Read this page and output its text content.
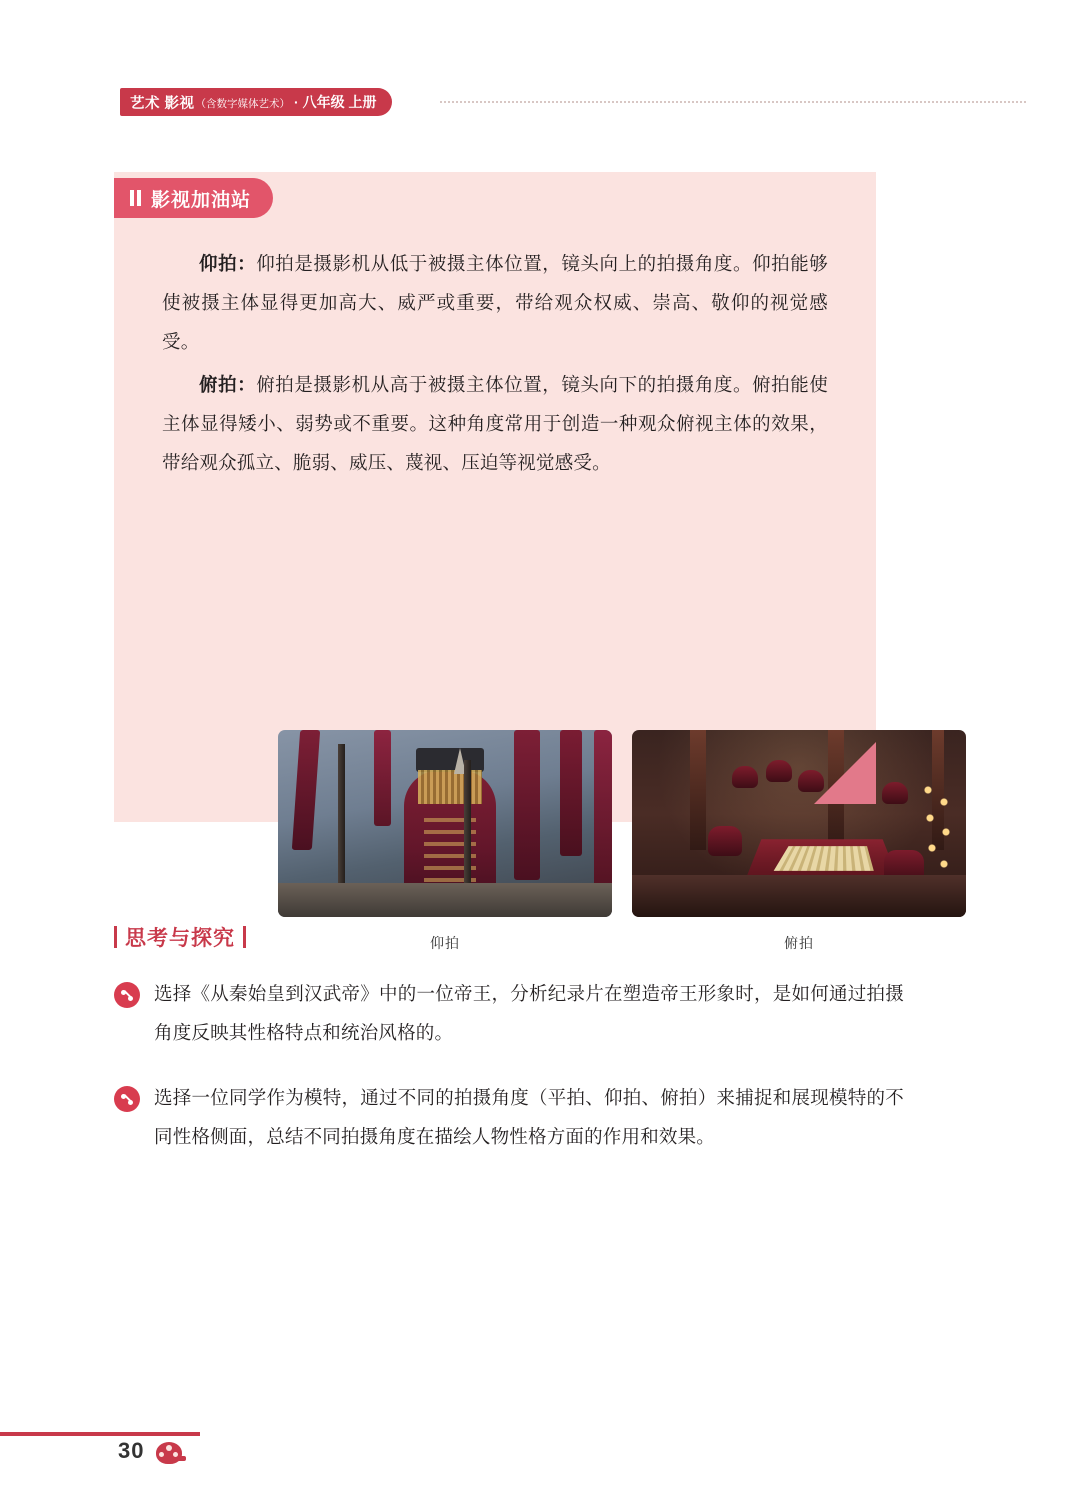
艺术 影视 （含数字媒体艺术） · 八年级 上册
影视加油站

仰拍：仰拍是摄影机从低于被摄主体位置，镜头向上的拍摄角度。仰拍能够使被摄主体显得更加高大、威严或重要，带给观众权威、崇高、敬仰的视觉感受。

俯拍：俯拍是摄影机从高于被摄主体位置，镜头向下的拍摄角度。俯拍能使主体显得矮小、弱势或不重要。这种角度常用于创造一种观众俯视主体的效果，带给观众孤立、脆弱、威压、蔑视、压迫等视觉感受。

仰拍	俯拍
思考与探究
选择《从秦始皇到汉武帝》中的一位帝王，分析纪录片在塑造帝王形象时，是如何通过拍摄角度反映其性格特点和统治风格的。
选择一位同学作为模特，通过不同的拍摄角度（平拍、仰拍、俯拍）来捕捉和展现模特的不同性格侧面，总结不同拍摄角度在描绘人物性格方面的作用和效果。
30
